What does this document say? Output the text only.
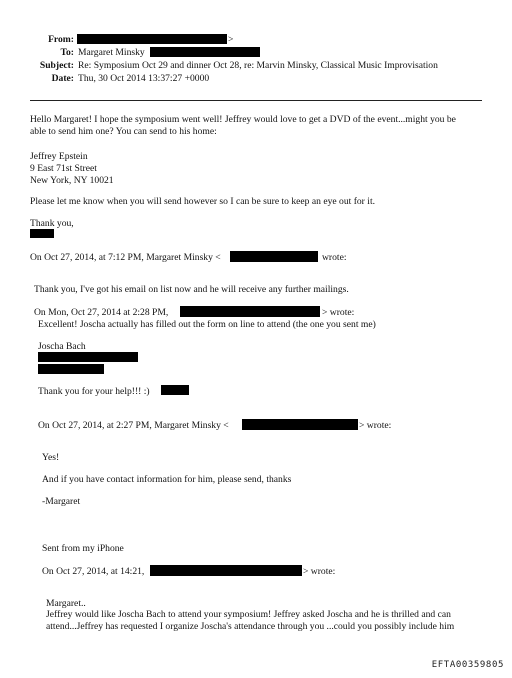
From:	>
To: Margaret Minsky
Subject: Re: Symposium Oct 29 and dinner Oct 28, re: Marvin Minsky, Classical Music Improvisation
Date: Thu, 30 Oct 2014 13:37:27 +0000
Hello Margaret! I hope the symposium went well! Jeffrey would love to get a DVD of the event...might you be
able to send him one? You can send to his home:
Jeffrey Epstein
9 East 71st Street
New York, NY 10021
Please let me know when you will send however so I can be sure to keep an eye out for it.
Thank you,
On Oct 27, 2014, at 7:12 PM, Margaret Minsky <	wrote:
Thank you, I've got his email on list now and he will receive any further mailings.
On Mon, Oct 27, 2014 at 2:28 PM,	> wrote:
Excellent! Joscha actually has filled out the form on line to attend (the one you sent me)
Joscha Bach
Thank you for your help!!! :)
On Oct 27, 2014, at 2:27 PM, Margaret Minsky <	> wrote:
Yes!
And if you have contact information for him, please send, thanks
-Margaret
Sent from my iPhone
On Oct 27, 2014, at 14:21,	> wrote:
Margaret..
Jeffrey would like Joscha Bach to attend your symposium! Jeffrey asked Joscha and he is thrilled and can
attend...Jeffrey has requested I organize Joscha's attendance through you ...could you possibly include him
EFTA00359805
